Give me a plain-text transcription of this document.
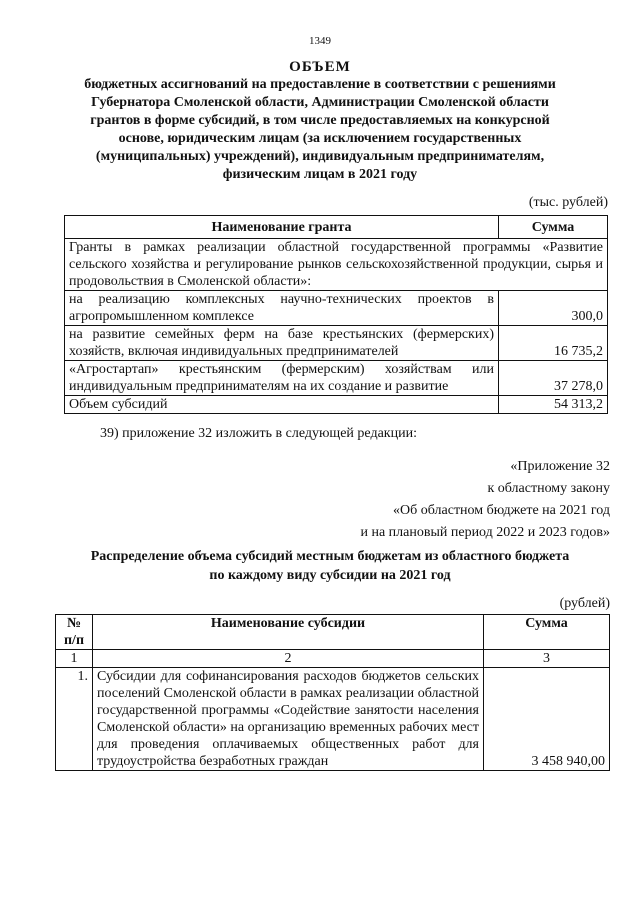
1349
ОБЪЕМ
бюджетных ассигнований на предоставление в соответствии с решениями
Губернатора Смоленской области, Администрации Смоленской области
грантов в форме субсидий, в том числе предоставляемых на конкурсной
основе, юридическим лицам (за исключением государственных
(муниципальных) учреждений), индивидуальным предпринимателям,
физическим лицам в 2021 году
(тыс. рублей)
Наименование гранта	Сумма
Гранты в рамках реализации областной государственной программы «Развитие сельского хозяйства и регулирование рынков сельскохозяйственной продукции, сырья и продовольствия в Смоленской области»:	
на реализацию комплексных научно-технических проектов в агропромышленном комплексе	300,0
на развитие семейных ферм на базе крестьянских (фермерских) хозяйств, включая индивидуальных предпринимателей	16 735,2
«Агростартап» крестьянским (фермерским) хозяйствам или индивидуальным предпринимателям на их создание и развитие	37 278,0
Объем субсидий	54 313,2
39) приложение 32 изложить в следующей редакции:
«Приложение 32
к областному закону
«Об областном бюджете на 2021 год
и на плановый период 2022 и 2023 годов»
Распределение объема субсидий местным бюджетам из областного бюджета
по каждому виду субсидии на 2021 год
(рублей)
№ п/п	Наименование субсидии	Сумма
1	2	3
1.	Субсидии для софинансирования расходов бюджетов сельских поселений Смоленской области в рамках реализации областной государственной программы «Содействие занятости населения Смоленской области» на организацию временных рабочих мест для проведения оплачиваемых общественных работ для трудоустройства безработных граждан	3 458 940,00
